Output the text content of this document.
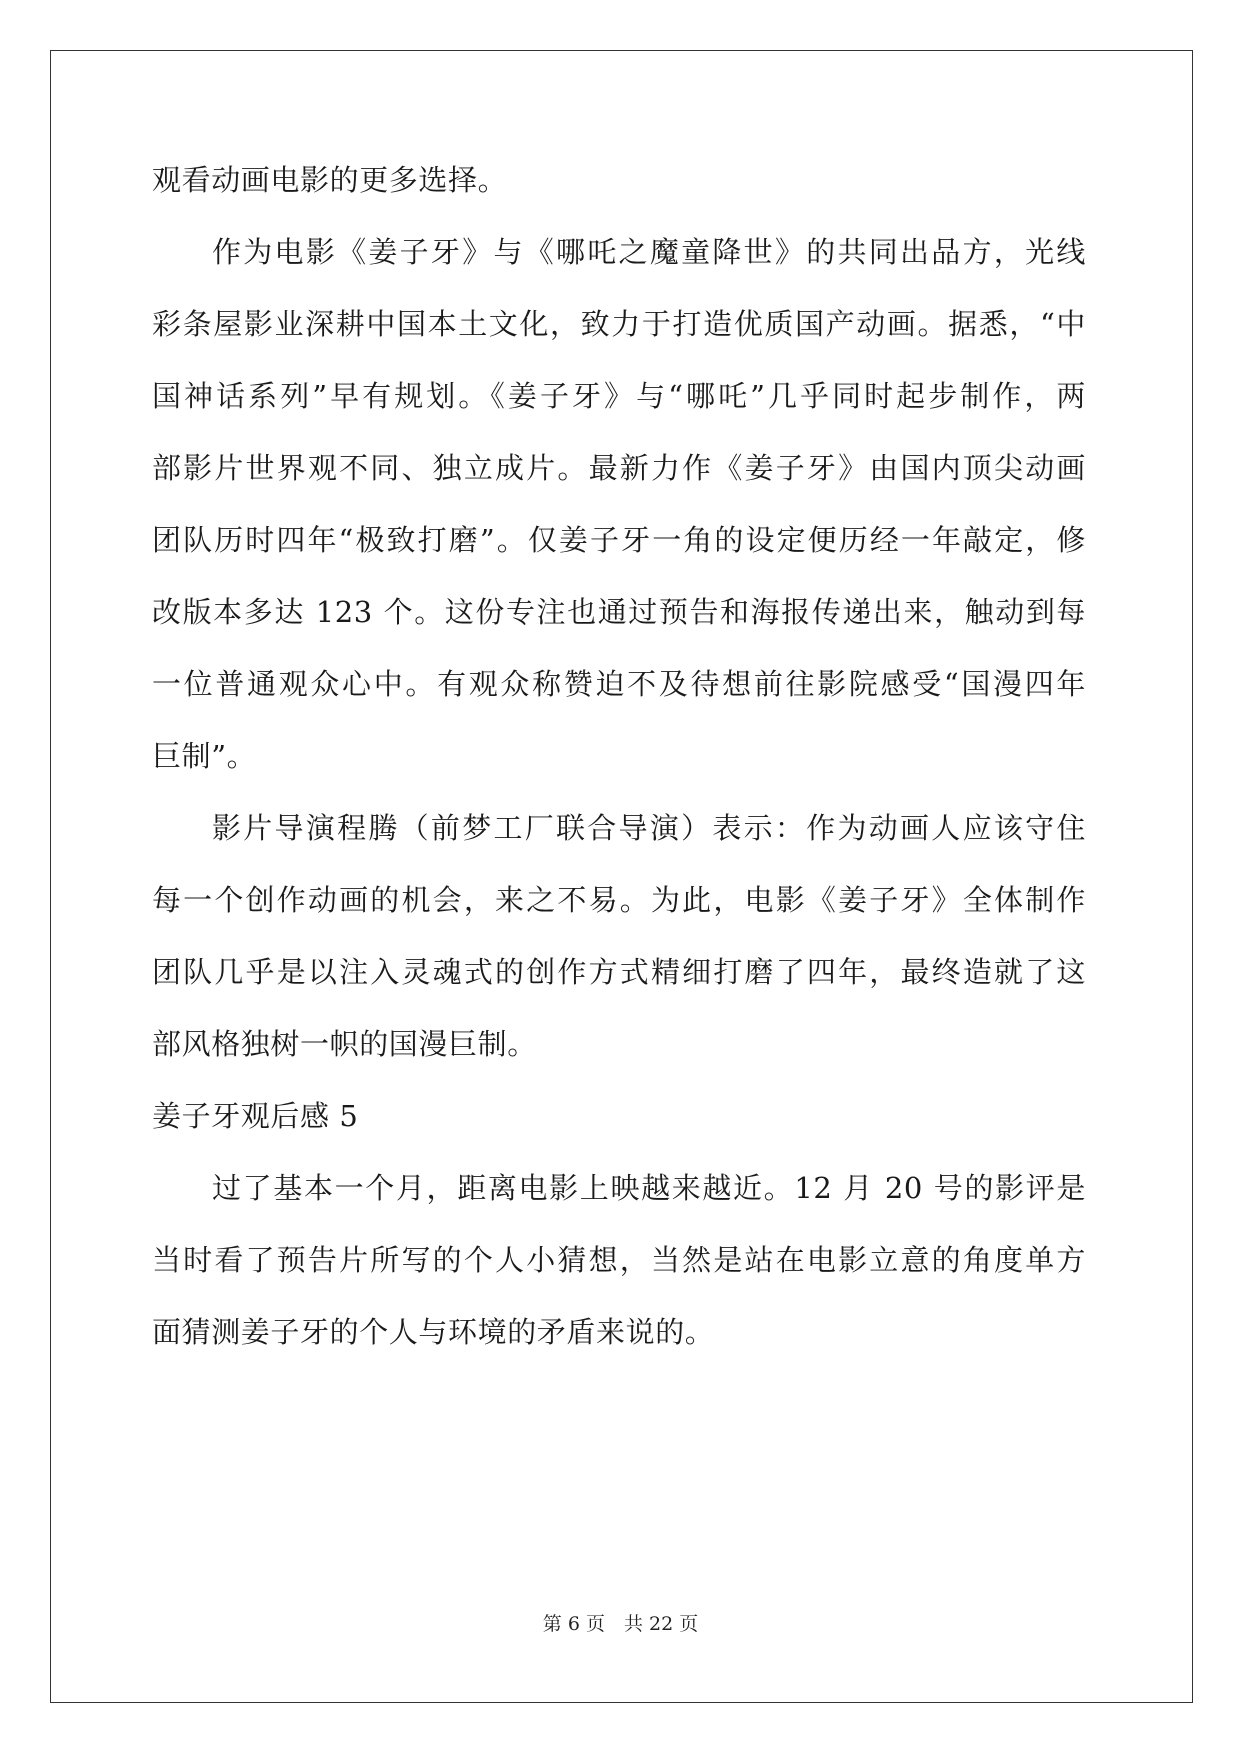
观看动画电影的更多选择。
作为电影《姜子牙》与《哪吒之魔童降世》的共同出品方，光线
彩条屋影业深耕中国本土文化，致力于打造优质国产动画。据悉，“中
国神话系列”早有规划。《姜子牙》与“哪吒”几乎同时起步制作，两
部影片世界观不同、独立成片。最新力作《姜子牙》由国内顶尖动画
团队历时四年“极致打磨”。仅姜子牙一角的设定便历经一年敲定，修
改版本多达 123 个。这份专注也通过预告和海报传递出来，触动到每
一位普通观众心中。有观众称赞迫不及待想前往影院感受“国漫四年
巨制”。
影片导演程腾（前梦工厂联合导演）表示：作为动画人应该守住
每一个创作动画的机会，来之不易。为此，电影《姜子牙》全体制作
团队几乎是以注入灵魂式的创作方式精细打磨了四年，最终造就了这
部风格独树一帜的国漫巨制。
姜子牙观后感 5
过了基本一个月，距离电影上映越来越近。12 月 20 号的影评是
当时看了预告片所写的个人小猜想，当然是站在电影立意的角度单方
面猜测姜子牙的个人与环境的矛盾来说的。
第 6 页　共 22 页
